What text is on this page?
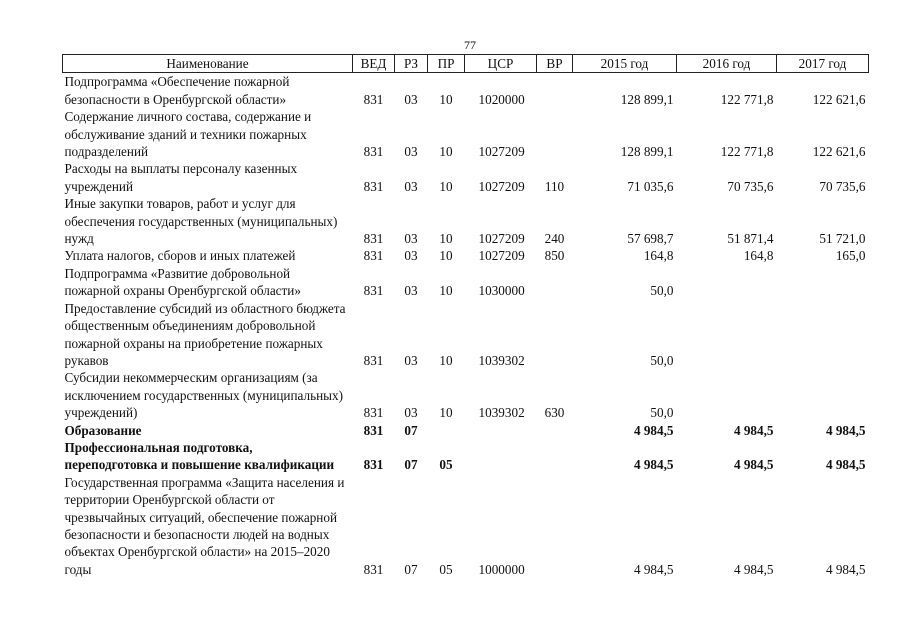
77
Наименование	ВЕД	РЗ	ПР	ЦСР	ВР	2015 год	2016 год	2017 год
Подпрограмма «Обеспечение пожарной безопасности в Оренбургской области»	831	03	10	1020000		128 899,1	122 771,8	122 621,6
Содержание личного состава, содержание и обслуживание зданий и техники пожарных подразделений	831	03	10	1027209		128 899,1	122 771,8	122 621,6
Расходы на выплаты персоналу казенных учреждений	831	03	10	1027209	110	71 035,6	70 735,6	70 735,6
Иные закупки товаров, работ и услуг для обеспечения государственных (муниципальных) нужд	831	03	10	1027209	240	57 698,7	51 871,4	51 721,0
Уплата налогов, сборов и иных платежей	831	03	10	1027209	850	164,8	164,8	165,0
Подпрограмма «Развитие добровольной пожарной охраны Оренбургской области»	831	03	10	1030000		50,0		
Предоставление субсидий из областного бюджета общественным объединениям добровольной пожарной охраны на приобретение пожарных рукавов	831	03	10	1039302		50,0		
Субсидии некоммерческим организациям (за исключением государственных (муниципальных) учреждений)	831	03	10	1039302	630	50,0		
Образование	831	07				4 984,5	4 984,5	4 984,5
Профессиональная подготовка, переподготовка и повышение квалификации	831	07	05			4 984,5	4 984,5	4 984,5
Государственная программа «Защита населения и территории Оренбургской области от чрезвычайных ситуаций, обеспечение пожарной безопасности и безопасности людей на водных объектах Оренбургской области» на 2015–2020 годы	831	07	05	1000000		4 984,5	4 984,5	4 984,5
